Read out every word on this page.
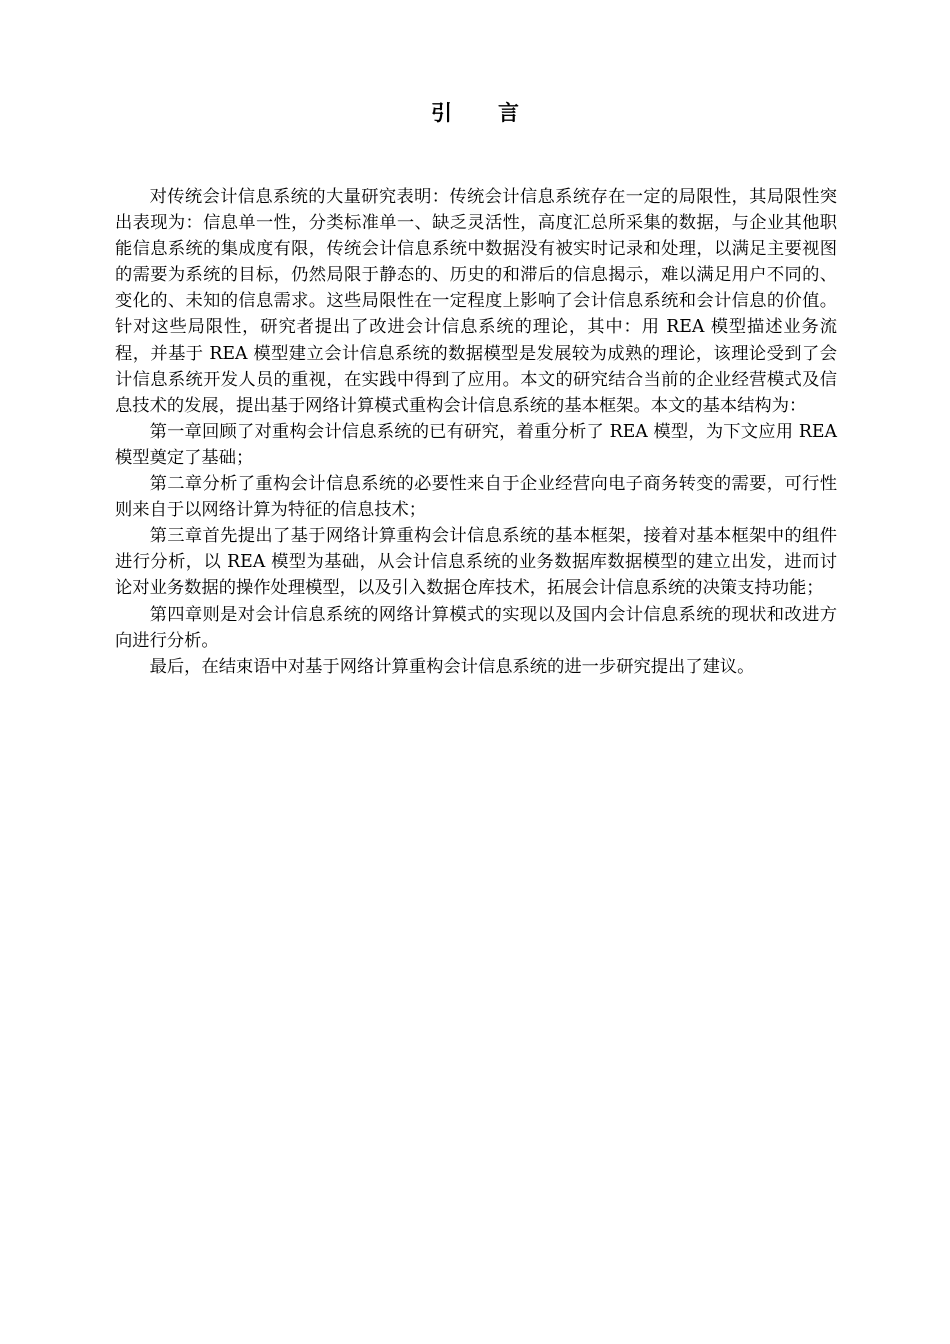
引言

对传统会计信息系统的大量研究表明：传统会计信息系统存在一定的局限性，其局限性突出表现为：信息单一性，分类标准单一、缺乏灵活性，高度汇总所采集的数据，与企业其他职能信息系统的集成度有限，传统会计信息系统中数据没有被实时记录和处理，以满足主要视图的需要为系统的目标，仍然局限于静态的、历史的和滞后的信息揭示，难以满足用户不同的、变化的、未知的信息需求。这些局限性在一定程度上影响了会计信息系统和会计信息的价值。针对这些局限性，研究者提出了改进会计信息系统的理论，其中：用 REA 模型描述业务流程，并基于 REA 模型建立会计信息系统的数据模型是发展较为成熟的理论，该理论受到了会计信息系统开发人员的重视，在实践中得到了应用。本文的研究结合当前的企业经营模式及信息技术的发展，提出基于网络计算模式重构会计信息系统的基本框架。本文的基本结构为：

第一章回顾了对重构会计信息系统的已有研究，着重分析了 REA 模型，为下文应用 REA 模型奠定了基础；

第二章分析了重构会计信息系统的必要性来自于企业经营向电子商务转变的需要，可行性则来自于以网络计算为特征的信息技术；

第三章首先提出了基于网络计算重构会计信息系统的基本框架，接着对基本框架中的组件进行分析，以 REA 模型为基础，从会计信息系统的业务数据库数据模型的建立出发，进而讨论对业务数据的操作处理模型，以及引入数据仓库技术，拓展会计信息系统的决策支持功能；

第四章则是对会计信息系统的网络计算模式的实现以及国内会计信息系统的现状和改进方向进行分析。

最后，在结束语中对基于网络计算重构会计信息系统的进一步研究提出了建议。
